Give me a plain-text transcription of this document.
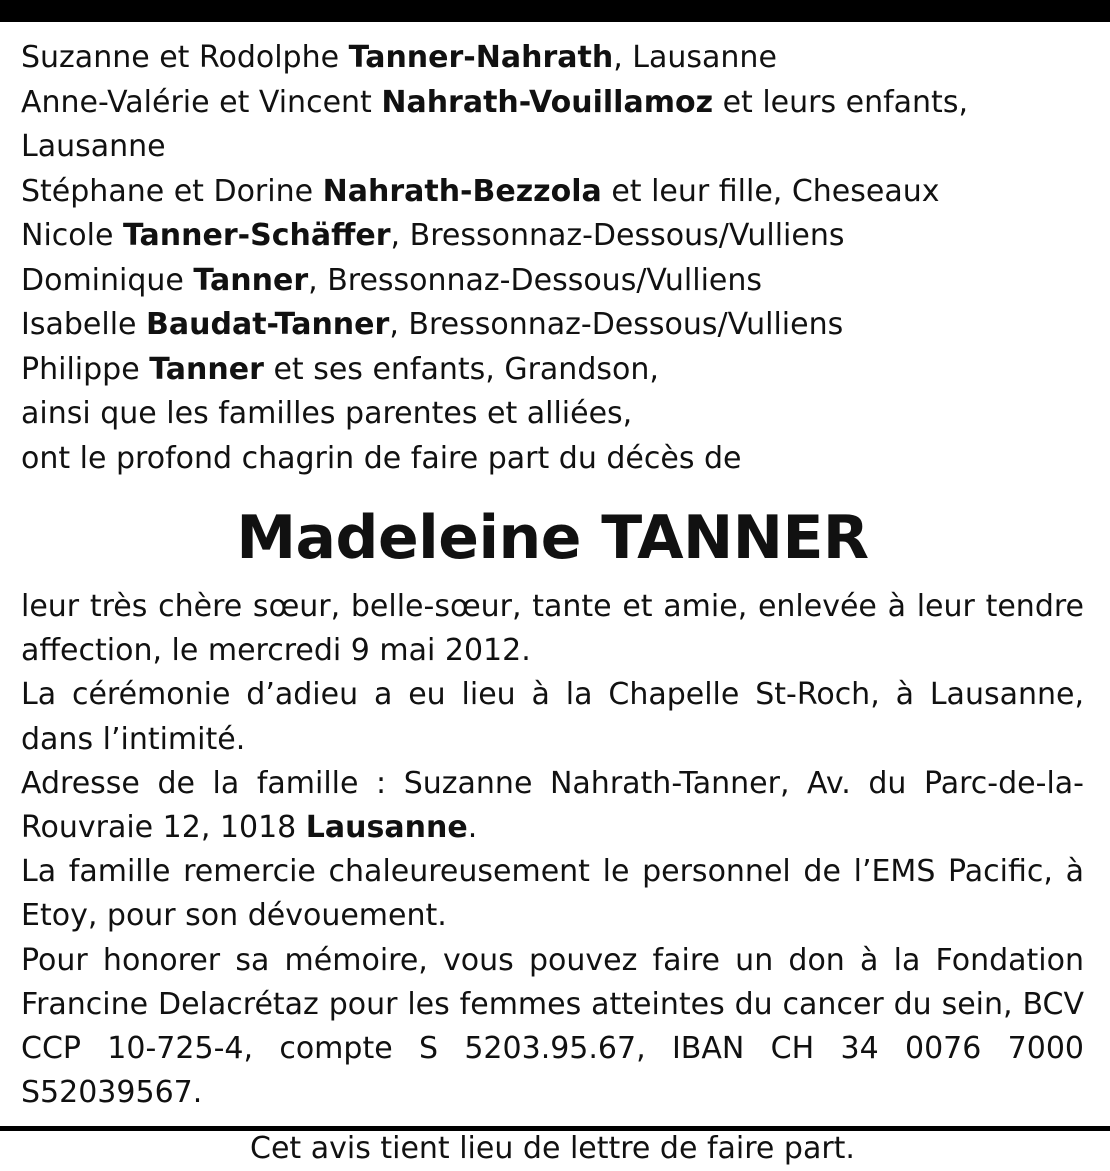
Suzanne et Rodolphe Tanner-Nahrath, Lausanne
Anne-Valérie et Vincent Nahrath-Vouillamoz et leurs enfants,
Lausanne
Stéphane et Dorine Nahrath-Bezzola et leur fille, Cheseaux
Nicole Tanner-Schäffer, Bressonnaz-Dessous/Vulliens
Dominique Tanner, Bressonnaz-Dessous/Vulliens
Isabelle Baudat-Tanner, Bressonnaz-Dessous/Vulliens
Philippe Tanner et ses enfants, Grandson,
ainsi que les familles parentes et alliées,
ont le profond chagrin de faire part du décès de
Madeleine TANNER

leur très chère sœur, belle-sœur, tante et amie, enlevée à leur tendre affection, le mercredi 9 mai 2012.

La cérémonie d’adieu a eu lieu à la Chapelle St-Roch, à Lausanne, dans l’intimité.

Adresse de la famille : Suzanne Nahrath-Tanner, Av. du Parc-de-la-Rouvraie 12, 1018 Lausanne.

La famille remercie chaleureusement le personnel de l’EMS Pacific, à Etoy, pour son dévouement.

Pour honorer sa mémoire, vous pouvez faire un don à la Fondation Francine Delacrétaz pour les femmes atteintes du cancer du sein, BCV CCP 10-725-4, compte S 5203.95.67, IBAN CH 34 0076 7000 S52039567.

Cet avis tient lieu de lettre de faire part.
